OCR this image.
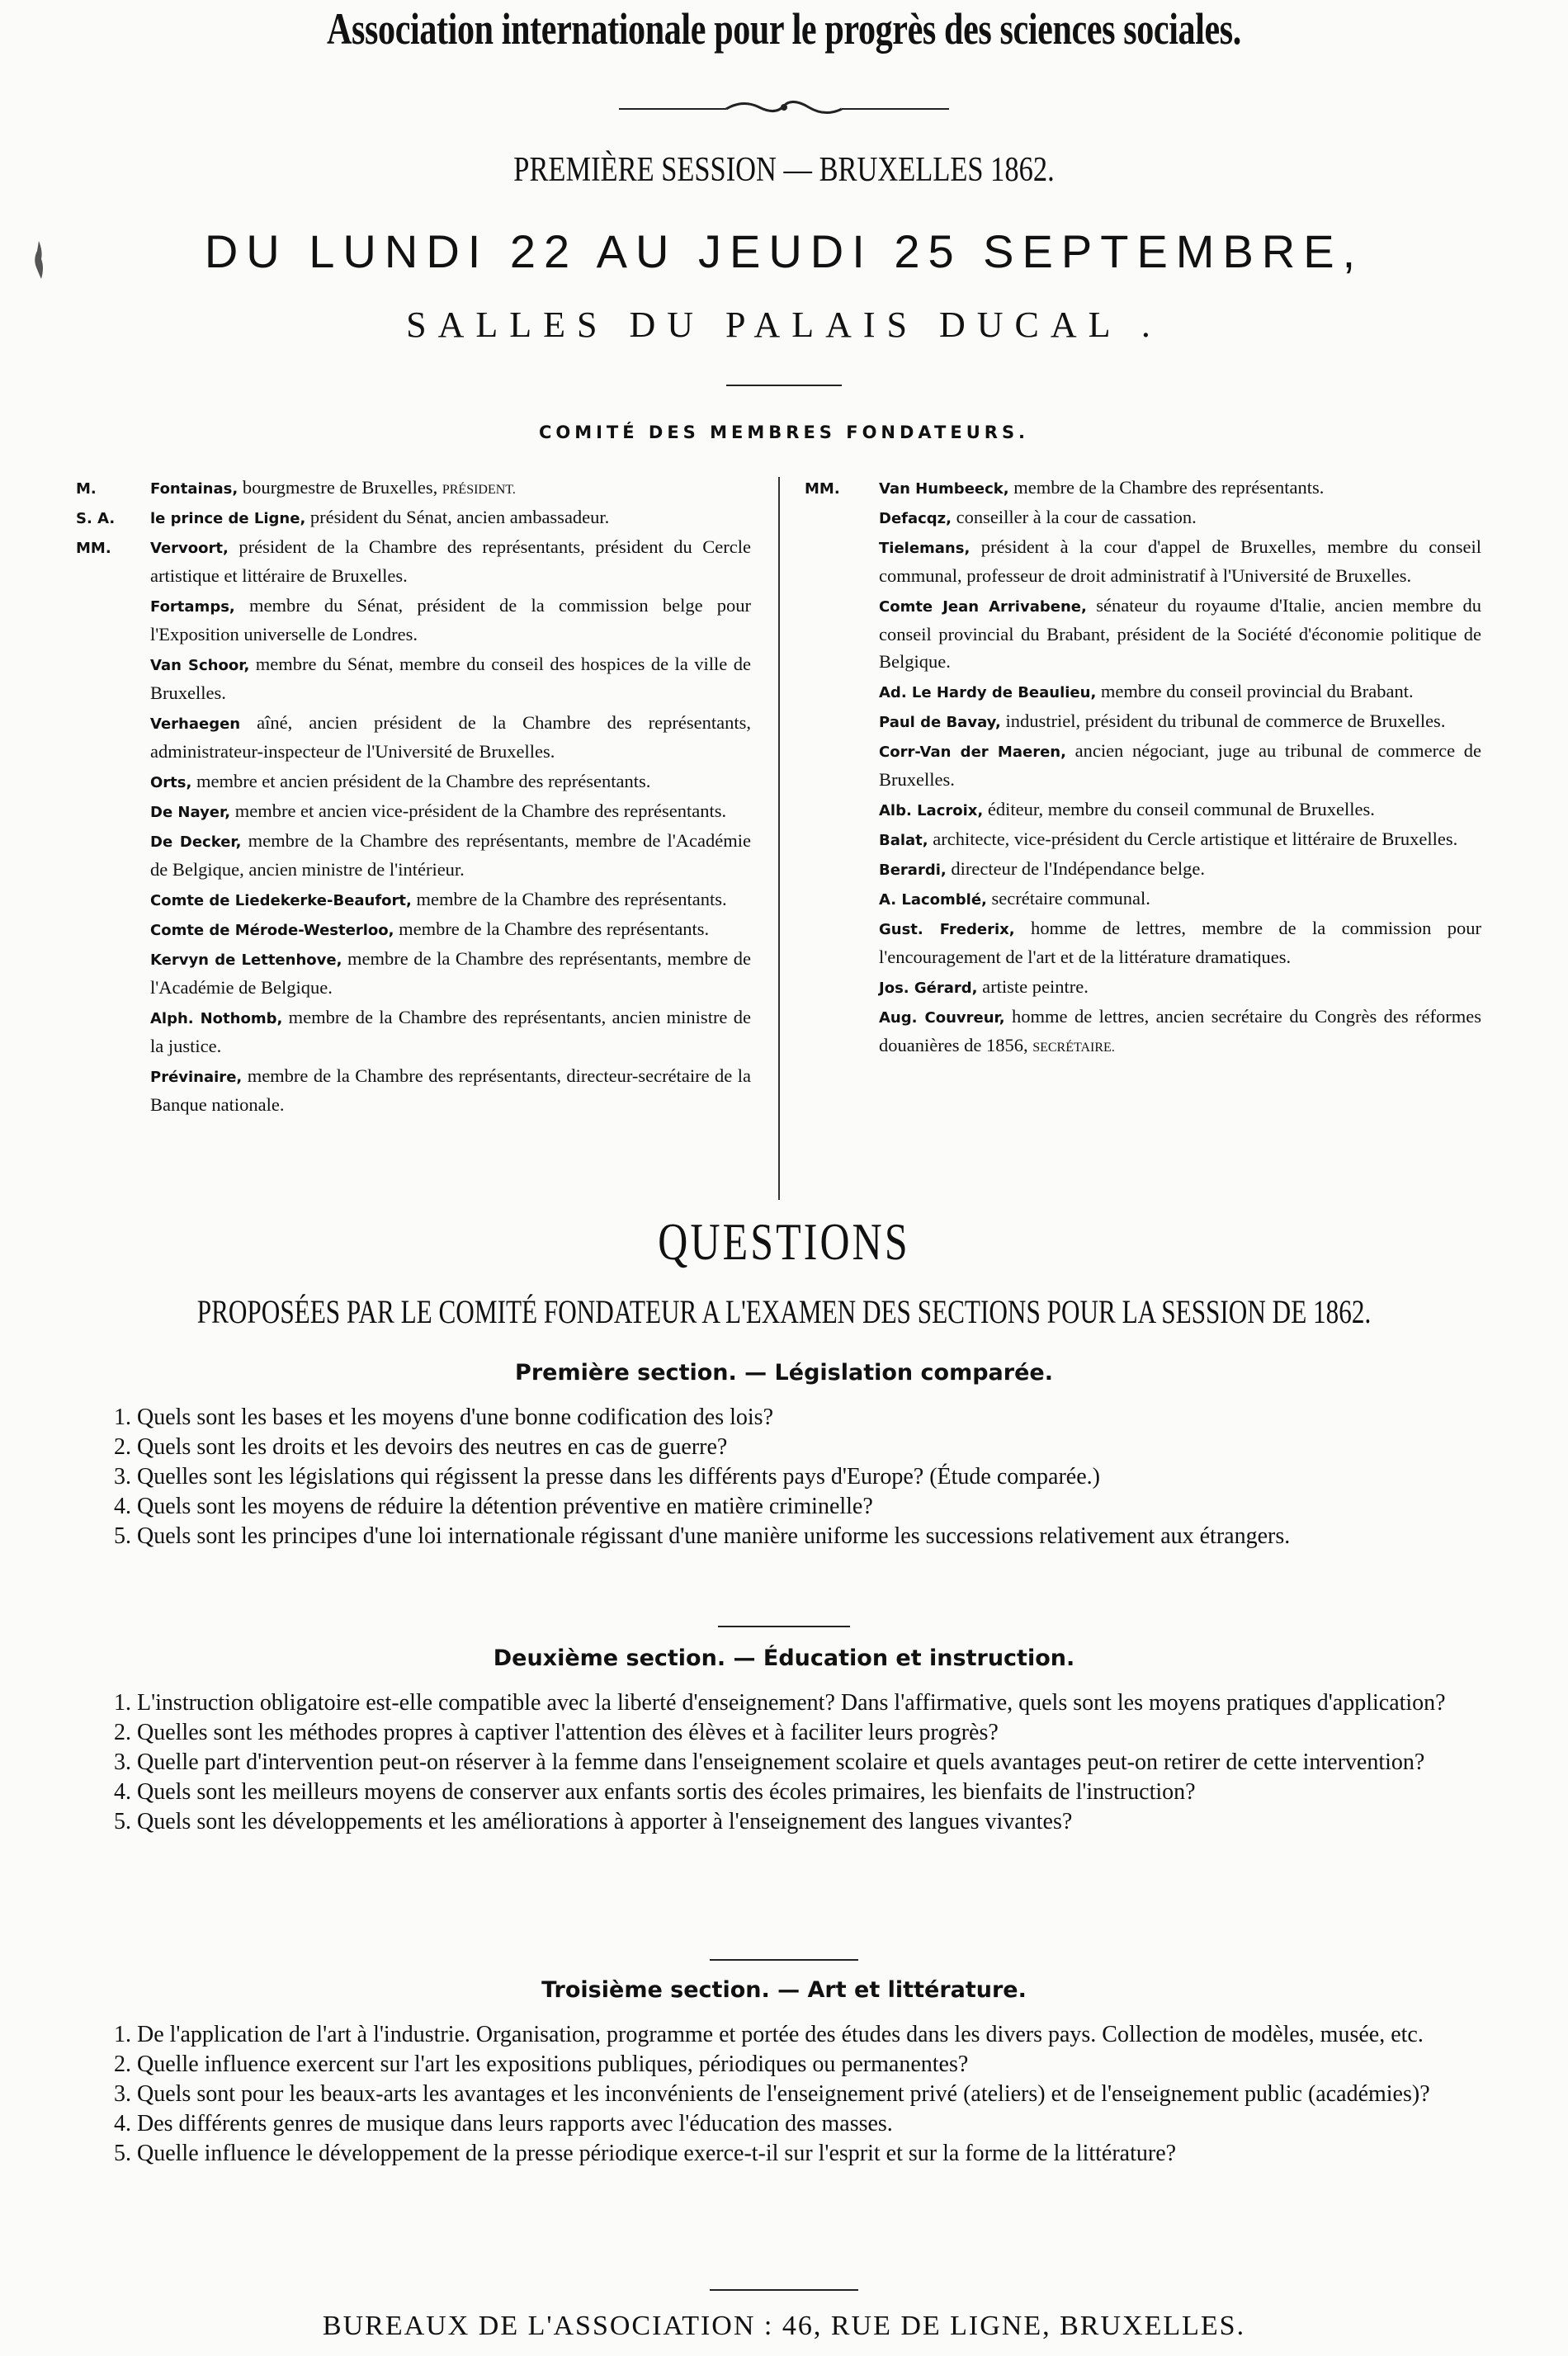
Association internationale pour le progrès des sciences sociales.
PREMIÈRE SESSION — BRUXELLES 1862.
DU LUNDI 22 AU JEUDI 25 SEPTEMBRE,
SALLES DU PALAIS DUCAL .
COMITÉ DES MEMBRES FONDATEURS.
M.	Fontainas, bourgmestre de Bruxelles, PRÉSIDENT.
S. A. le prince de Ligne, président du Sénat, ancien ambassadeur.
MM.	Vervoort, président de la Chambre des représentants, président du Cercle artistique et littéraire de Bruxelles.
Fortamps, membre du Sénat, président de la commission belge pour l'Exposition universelle de Londres.
Van Schoor, membre du Sénat, membre du conseil des hospices de la ville de Bruxelles.
Verhaegen aîné, ancien président de la Chambre des représentants, administrateur-inspecteur de l'Université de Bruxelles.
Orts, membre et ancien président de la Chambre des représentants.
De Nayer, membre et ancien vice-président de la Chambre des représentants.
De Decker, membre de la Chambre des représentants, membre de l'Académie de Belgique, ancien ministre de l'intérieur.
Comte de Liedekerke-Beaufort, membre de la Chambre des représentants.
Comte de Mérode-Westerloo, membre de la Chambre des représentants.
Kervyn de Lettenhove, membre de la Chambre des représentants, membre de l'Académie de Belgique.
Alph. Nothomb, membre de la Chambre des représentants, ancien ministre de la justice.
Prévinaire, membre de la Chambre des représentants, directeur-secrétaire de la Banque nationale.
MM.	Van Humbeeck, membre de la Chambre des représentants.
Defacqz, conseiller à la cour de cassation.
Tielemans, président à la cour d'appel de Bruxelles, membre du conseil communal, professeur de droit administratif à l'Université de Bruxelles.
Comte Jean Arrivabene, sénateur du royaume d'Italie, ancien membre du conseil provincial du Brabant, président de la Société d'économie politique de Belgique.
Ad. Le Hardy de Beaulieu, membre du conseil provincial du Brabant.
Paul de Bavay, industriel, président du tribunal de commerce de Bruxelles.
Corr-Van der Maeren, ancien négociant, juge au tribunal de commerce de Bruxelles.
Alb. Lacroix, éditeur, membre du conseil communal de Bruxelles.
Balat, architecte, vice-président du Cercle artistique et littéraire de Bruxelles.
Berardi, directeur de l'Indépendance belge.
A. Lacomblé, secrétaire communal.
Gust. Frederix, homme de lettres, membre de la commission pour l'encouragement de l'art et de la littérature dramatiques.
Jos. Gérard, artiste peintre.
Aug. Couvreur, homme de lettres, ancien secrétaire du Congrès des réformes douanières de 1856, SECRÉTAIRE.
QUESTIONS
PROPOSÉES PAR LE COMITÉ FONDATEUR A L'EXAMEN DES SECTIONS POUR LA SESSION DE 1862.
Première section. — Législation comparée.

1. Quels sont les bases et les moyens d'une bonne codification des lois?

2. Quels sont les droits et les devoirs des neutres en cas de guerre?

3. Quelles sont les législations qui régissent la presse dans les différents pays d'Europe? (Étude comparée.)

4. Quels sont les moyens de réduire la détention préventive en matière criminelle?

5. Quels sont les principes d'une loi internationale régissant d'une manière uniforme les successions relativement aux étrangers.

Deuxième section. — Éducation et instruction.

1. L'instruction obligatoire est-elle compatible avec la liberté d'enseignement? Dans l'affirmative, quels sont les moyens pratiques d'application?

2. Quelles sont les méthodes propres à captiver l'attention des élèves et à faciliter leurs progrès?

3. Quelle part d'intervention peut-on réserver à la femme dans l'enseignement scolaire et quels avantages peut-on retirer de cette intervention?

4. Quels sont les meilleurs moyens de conserver aux enfants sortis des écoles primaires, les bienfaits de l'instruction?

5. Quels sont les développements et les améliorations à apporter à l'enseignement des langues vivantes?

Troisième section. — Art et littérature.

1. De l'application de l'art à l'industrie. Organisation, programme et portée des études dans les divers pays. Collection de modèles, musée, etc.

2. Quelle influence exercent sur l'art les expositions publiques, périodiques ou permanentes?

3. Quels sont pour les beaux-arts les avantages et les inconvénients de l'enseignement privé (ateliers) et de l'enseignement public (académies)?

4. Des différents genres de musique dans leurs rapports avec l'éducation des masses.

5. Quelle influence le développement de la presse périodique exerce-t-il sur l'esprit et sur la forme de la littérature?

BUREAUX DE L'ASSOCIATION : 46, RUE DE LIGNE, BRUXELLES.
